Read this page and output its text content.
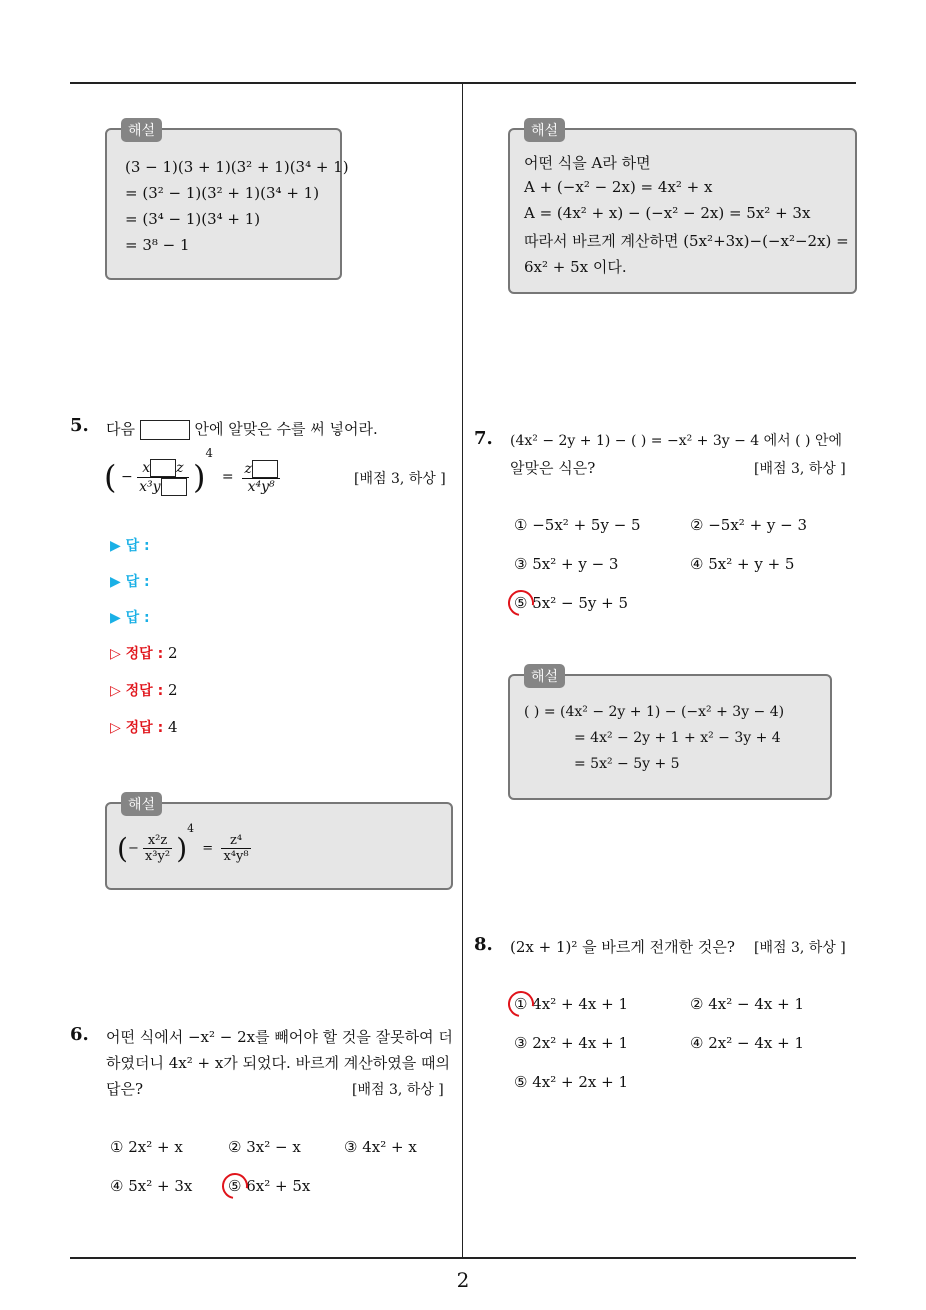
2
해설
(3 − 1)(3 + 1)(3² + 1)(3⁴ + 1)
= (3² − 1)(3² + 1)(3⁴ + 1)
= (3⁴ − 1)(3⁴ + 1)
= 3⁸ − 1
해설
어떤 식을 A라 하면
A + (−x² − 2x) = 4x² + x
A = (4x² + x) − (−x² − 2x) = 5x² + 3x
따라서 바르게 계산하면 (5x²+3x)−(−x²−2x) =
6x² + 5x 이다.
5. 다음	안에 알맞은 수를 써 넣어라.
( − $\frac{\text{x z}}{\text{x³y}} )^4 = \frac{z}{\text{x⁴y⁸}}$	[배점 3, 하상 ]
▶ 답 :
▶ 답 :
▶ 답 :
▷ 정답 : 2
▷ 정답 : 2
▷ 정답 : 4
해설
(− $\frac{\text{x²z}}{\text{x³y²}} )^4 = \frac{\text{z⁴}}{\text{x⁴y⁸}}$
6. 어떤 식에서 −x² − 2x를 빼어야 할 것을 잘못하여 더
하였더니 4x² + x가 되었다. 바르게 계산하였을 때의
답은?	[배점 3, 하상 ]
① 2x² + x	② 3x² − x	③ 4x² + x
④ 5x² + 3x ⑤ 6x² + 5x
7. (4x² − 2y + 1) − ( ) = −x² + 3y − 4 에서 ( ) 안에
알맞은 식은?	[배점 3, 하상 ]
① −5x² + 5y − 5	② −5x² + y − 3
③ 5x² + y − 3	④ 5x² + y + 5
⑤ 5x² − 5y + 5
해설
( ) = (4x² − 2y + 1) − (−x² + 3y − 4)
= 4x² − 2y + 1 + x² − 3y + 4
= 5x² − 5y + 5
8. (2x + 1)² 을 바르게 전개한 것은? [배점 3, 하상 ]
① 4x² + 4x + 1	② 4x² − 4x + 1
③ 2x² + 4x + 1	④ 2x² − 4x + 1
⑤ 4x² + 2x + 1
